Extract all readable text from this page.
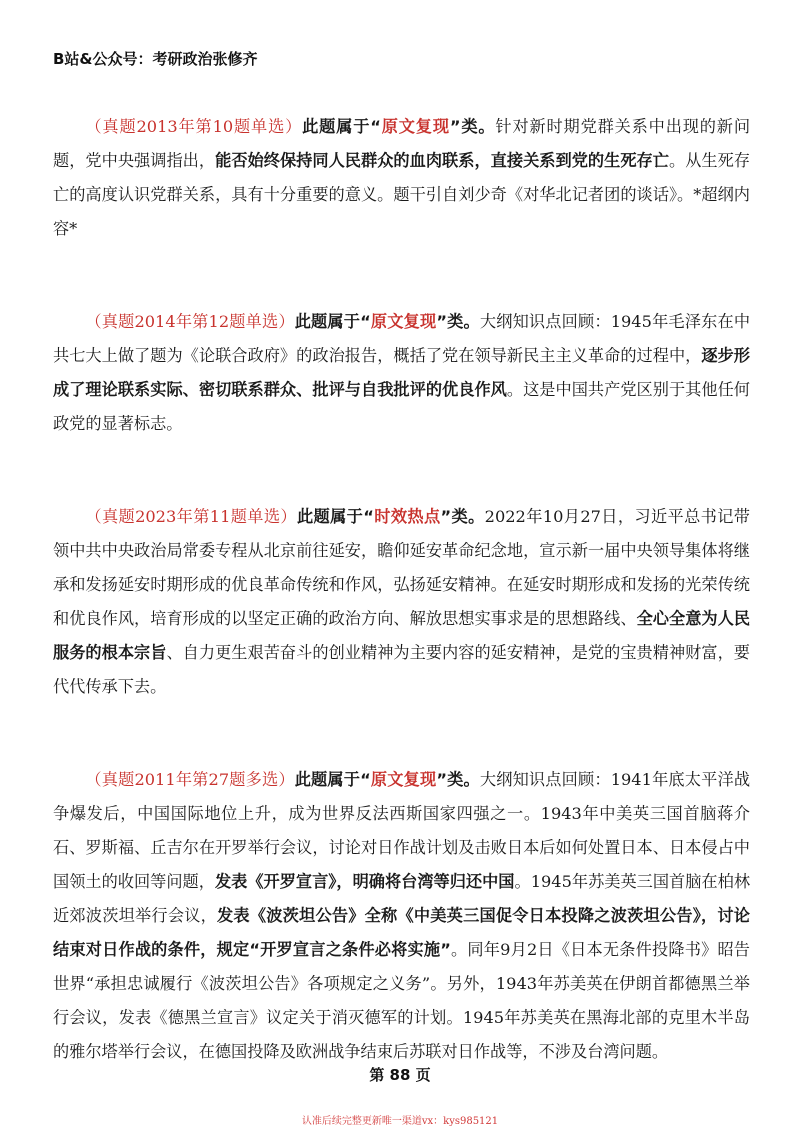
B站&公众号：考研政治张修齐

（真题2013年第10题单选）此题属于“原文复现”类。针对新时期党群关系中出现的新问题，党中央强调指出，能否始终保持同人民群众的血肉联系，直接关系到党的生死存亡。从生死存亡的高度认识党群关系，具有十分重要的意义。题干引自刘少奇《对华北记者团的谈话》。*超纲内容*

（真题2014年第12题单选）此题属于“原文复现”类。大纲知识点回顾：1945年毛泽东在中共七大上做了题为《论联合政府》的政治报告，概括了党在领导新民主主义革命的过程中，逐步形成了理论联系实际、密切联系群众、批评与自我批评的优良作风。这是中国共产党区别于其他任何政党的显著标志。

（真题2023年第11题单选）此题属于“时效热点”类。2022年10月27日，习近平总书记带领中共中央政治局常委专程从北京前往延安，瞻仰延安革命纪念地，宣示新一届中央领导集体将继承和发扬延安时期形成的优良革命传统和作风，弘扬延安精神。在延安时期形成和发扬的光荣传统和优良作风，培育形成的以坚定正确的政治方向、解放思想实事求是的思想路线、全心全意为人民服务的根本宗旨、自力更生艰苦奋斗的创业精神为主要内容的延安精神，是党的宝贵精神财富，要代代传承下去。

（真题2011年第27题多选）此题属于“原文复现”类。大纲知识点回顾：1941年底太平洋战争爆发后，中国国际地位上升，成为世界反法西斯国家四强之一。1943年中美英三国首脑蒋介石、罗斯福、丘吉尔在开罗举行会议，讨论对日作战计划及击败日本后如何处置日本、日本侵占中国领土的收回等问题，发表《开罗宣言》，明确将台湾等归还中国。1945年苏美英三国首脑在柏林近郊波茨坦举行会议，发表《波茨坦公告》全称《中美英三国促令日本投降之波茨坦公告》，讨论结束对日作战的条件，规定“开罗宣言之条件必将实施”。同年9月2日《日本无条件投降书》昭告世界“承担忠诚履行《波茨坦公告》各项规定之义务”。另外，1943年苏美英在伊朗首都德黑兰举行会议，发表《德黑兰宣言》议定关于消灭德军的计划。1945年苏美英在黑海北部的克里木半岛的雅尔塔举行会议，在德国投降及欧洲战争结束后苏联对日作战等，不涉及台湾问题。

第 88 页
认准后续完整更新唯一渠道vx：kys985121
